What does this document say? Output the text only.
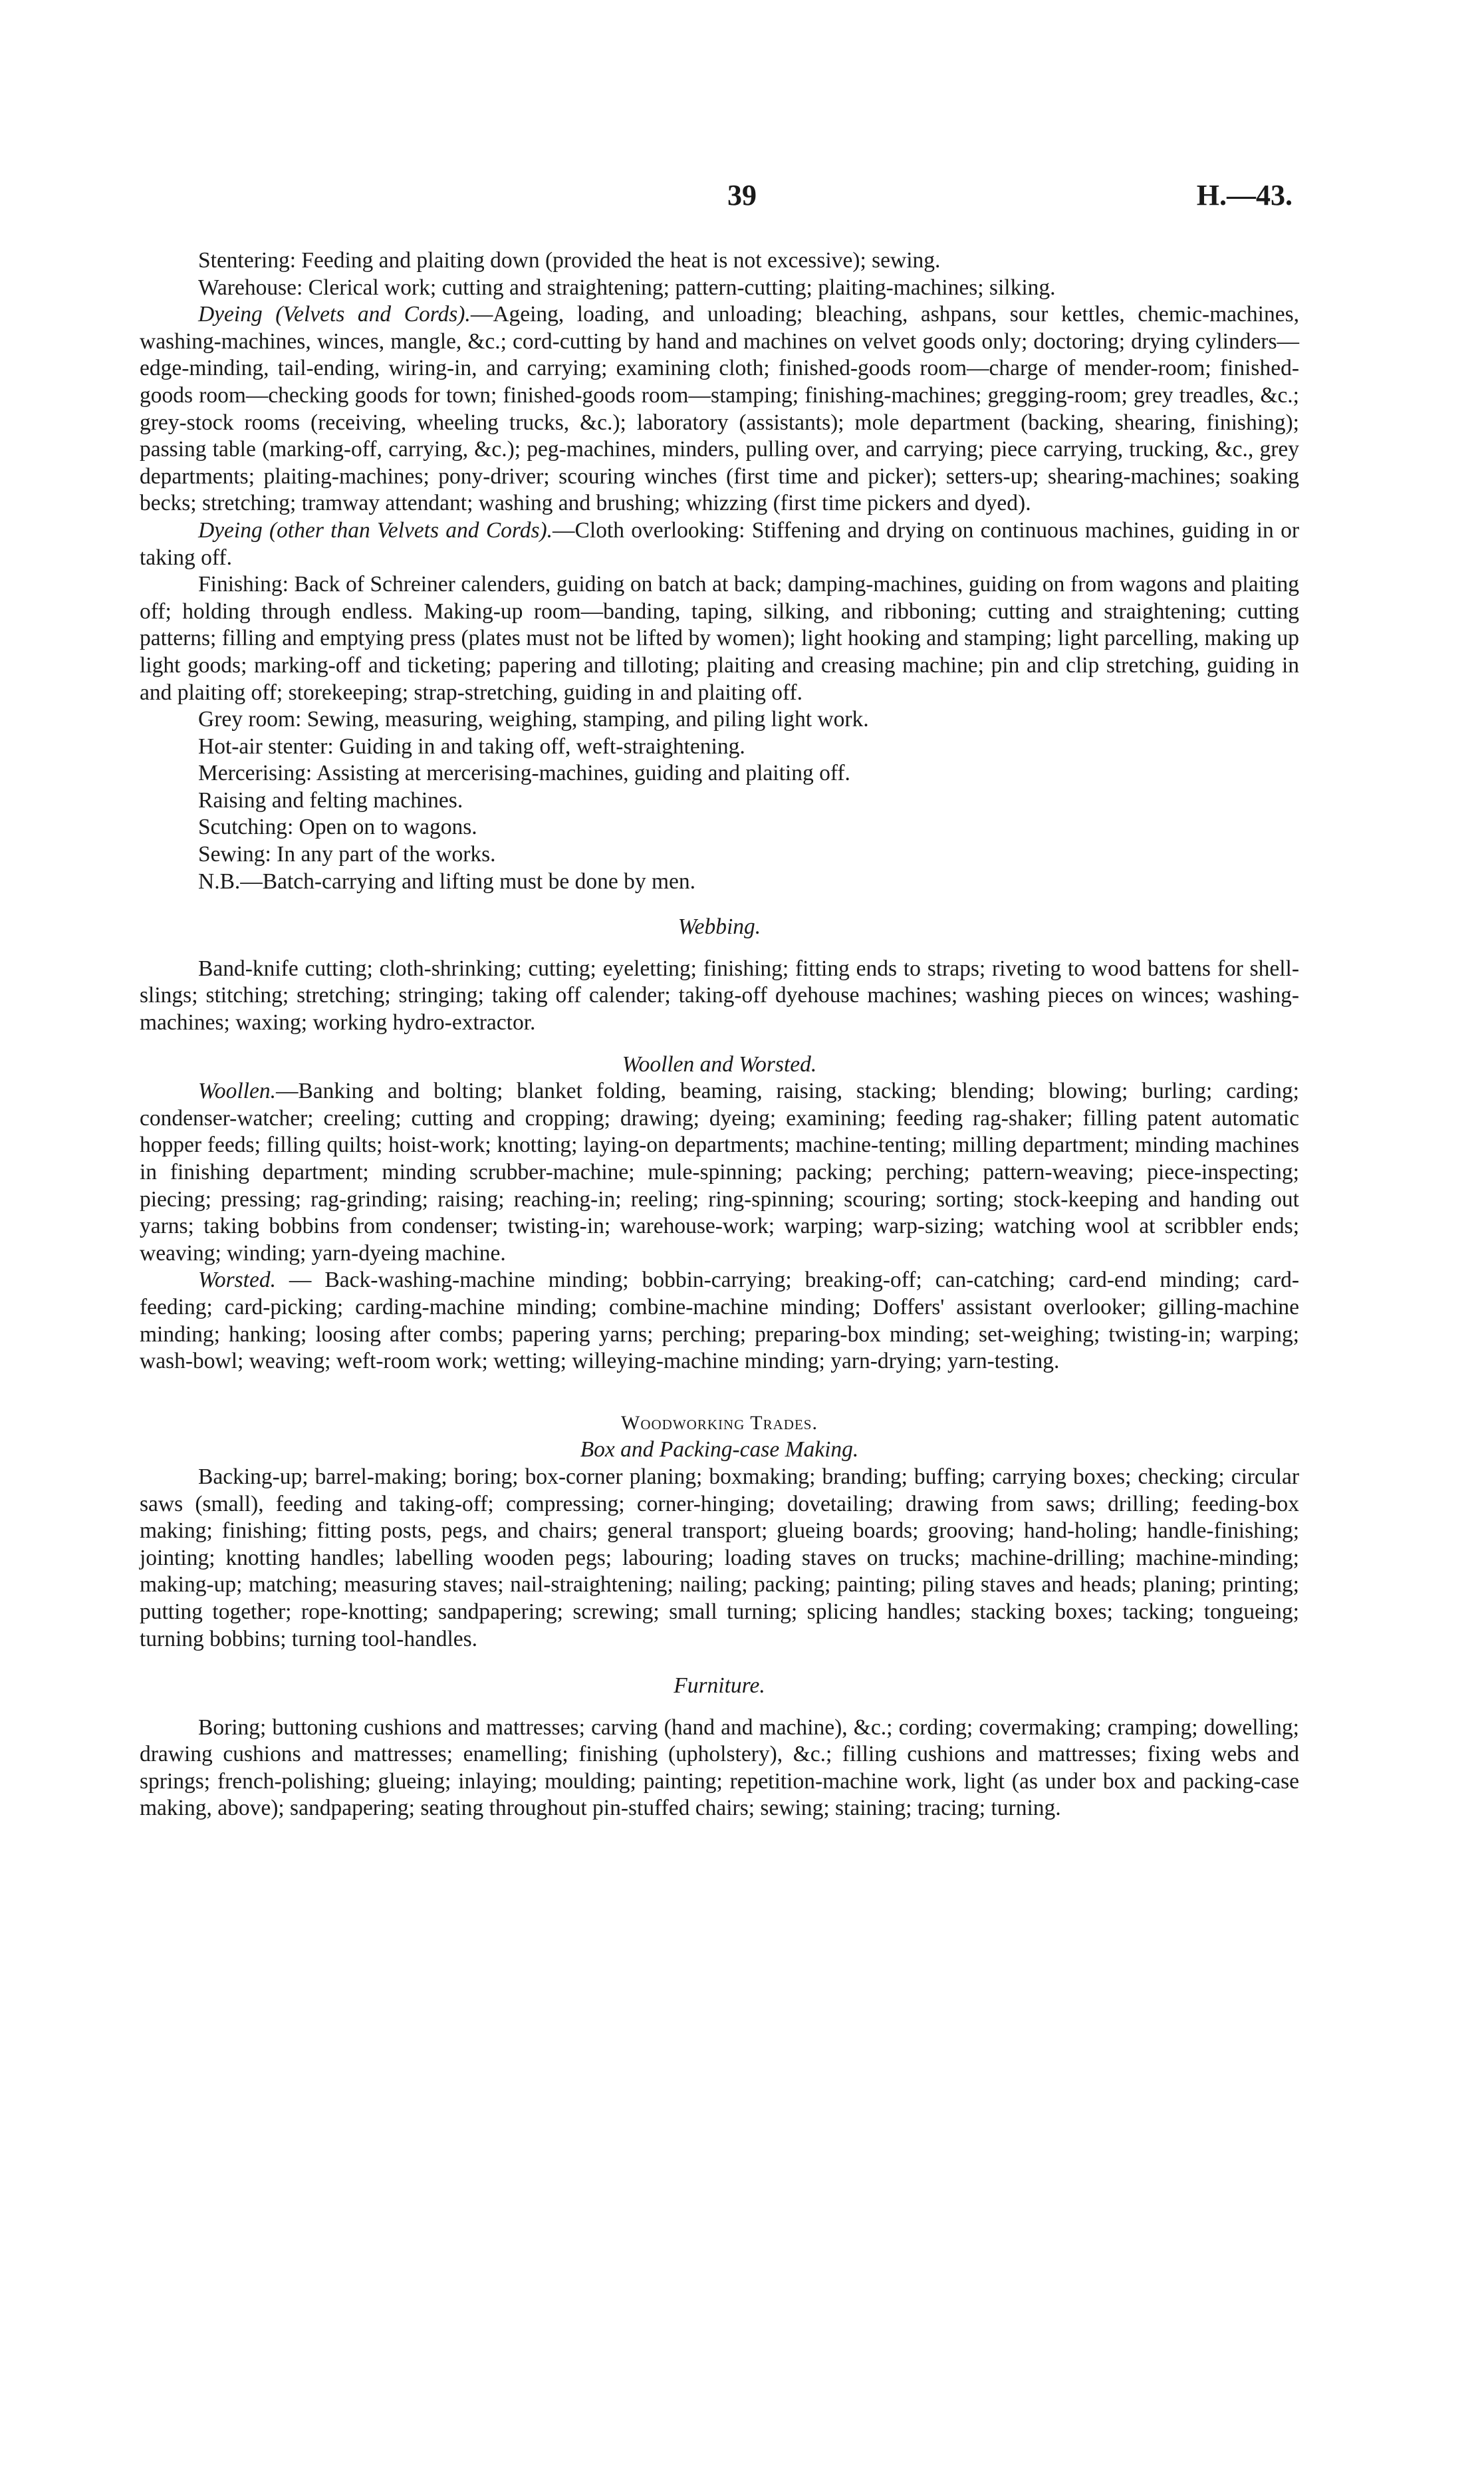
39	H.—43.

Stentering: Feeding and plaiting down (provided the heat is not excessive); sewing.

Warehouse: Clerical work; cutting and straightening; pattern-cutting; plaiting-machines; silking.

Dyeing (Velvets and Cords).—Ageing, loading, and unloading; bleaching, ashpans, sour kettles, chemic-machines, washing-machines, winces, mangle, &c.; cord-cutting by hand and machines on velvet goods only; doctoring; drying cylinders—edge-minding, tail-ending, wiring-in, and carrying; examining cloth; finished-goods room—charge of mender-room; finished-goods room—checking goods for town; finished-goods room—stamping; finishing-machines; gregging-room; grey treadles, &c.; grey-stock rooms (receiving, wheeling trucks, &c.); laboratory (assistants); mole department (backing, shearing, finishing); passing table (marking-off, carrying, &c.); peg-machines, minders, pulling over, and carrying; piece carrying, trucking, &c., grey departments; plaiting-machines; pony-driver; scouring winches (first time and picker); setters-up; shearing-machines; soaking becks; stretching; tramway attendant; washing and brushing; whizzing (first time pickers and dyed).

Dyeing (other than Velvets and Cords).—Cloth overlooking: Stiffening and drying on continuous machines, guiding in or taking off.

Finishing: Back of Schreiner calenders, guiding on batch at back; damping-machines, guiding on from wagons and plaiting off; holding through endless. Making-up room—banding, taping, silking, and ribboning; cutting and straightening; cutting patterns; filling and emptying press (plates must not be lifted by women); light hooking and stamping; light parcelling, making up light goods; marking-off and ticketing; papering and tilloting; plaiting and creasing machine; pin and clip stretching, guiding in and plaiting off; storekeeping; strap-stretching, guiding in and plaiting off.

Grey room: Sewing, measuring, weighing, stamping, and piling light work.

Hot-air stenter: Guiding in and taking off, weft-straightening.

Mercerising: Assisting at mercerising-machines, guiding and plaiting off.

Raising and felting machines.

Scutching: Open on to wagons.

Sewing: In any part of the works.

N.B.—Batch-carrying and lifting must be done by men.

Webbing.

Band-knife cutting; cloth-shrinking; cutting; eyeletting; finishing; fitting ends to straps; riveting to wood battens for shell-slings; stitching; stretching; stringing; taking off calender; taking-off dyehouse machines; washing pieces on winces; washing-machines; waxing; working hydro-extractor.

Woollen and Worsted.

Woollen.—Banking and bolting; blanket folding, beaming, raising, stacking; blending; blowing; burling; carding; condenser-watcher; creeling; cutting and cropping; drawing; dyeing; examining; feeding rag-shaker; filling patent automatic hopper feeds; filling quilts; hoist-work; knotting; laying-on departments; machine-tenting; milling department; minding machines in finishing department; minding scrubber-machine; mule-spinning; packing; perching; pattern-weaving; piece-inspecting; piecing; pressing; rag-grinding; raising; reaching-in; reeling; ring-spinning; scouring; sorting; stock-keeping and handing out yarns; taking bobbins from condenser; twisting-in; warehouse-work; warping; warp-sizing; watching wool at scribbler ends; weaving; winding; yarn-dyeing machine.

Worsted. — Back-washing-machine minding; bobbin-carrying; breaking-off; can-catching; card-end minding; card-feeding; card-picking; carding-machine minding; combine-machine minding; Doffers' assistant overlooker; gilling-machine minding; hanking; loosing after combs; papering yarns; perching; preparing-box minding; set-weighing; twisting-in; warping; wash-bowl; weaving; weft-room work; wetting; willeying-machine minding; yarn-drying; yarn-testing.

Woodworking Trades.

Box and Packing-case Making.

Backing-up; barrel-making; boring; box-corner planing; boxmaking; branding; buffing; carrying boxes; checking; circular saws (small), feeding and taking-off; compressing; corner-hinging; dovetailing; drawing from saws; drilling; feeding-box making; finishing; fitting posts, pegs, and chairs; general transport; glueing boards; grooving; hand-holing; handle-finishing; jointing; knotting handles; labelling wooden pegs; labouring; loading staves on trucks; machine-drilling; machine-minding; making-up; matching; measuring staves; nail-straightening; nailing; packing; painting; piling staves and heads; planing; printing; putting together; rope-knotting; sandpapering; screwing; small turning; splicing handles; stacking boxes; tacking; tongueing; turning bobbins; turning tool-handles.

Furniture.

Boring; buttoning cushions and mattresses; carving (hand and machine), &c.; cording; covermaking; cramping; dowelling; drawing cushions and mattresses; enamelling; finishing (upholstery), &c.; filling cushions and mattresses; fixing webs and springs; french-polishing; glueing; inlaying; moulding; painting; repetition-machine work, light (as under box and packing-case making, above); sandpapering; seating throughout pin-stuffed chairs; sewing; staining; tracing; turning.
